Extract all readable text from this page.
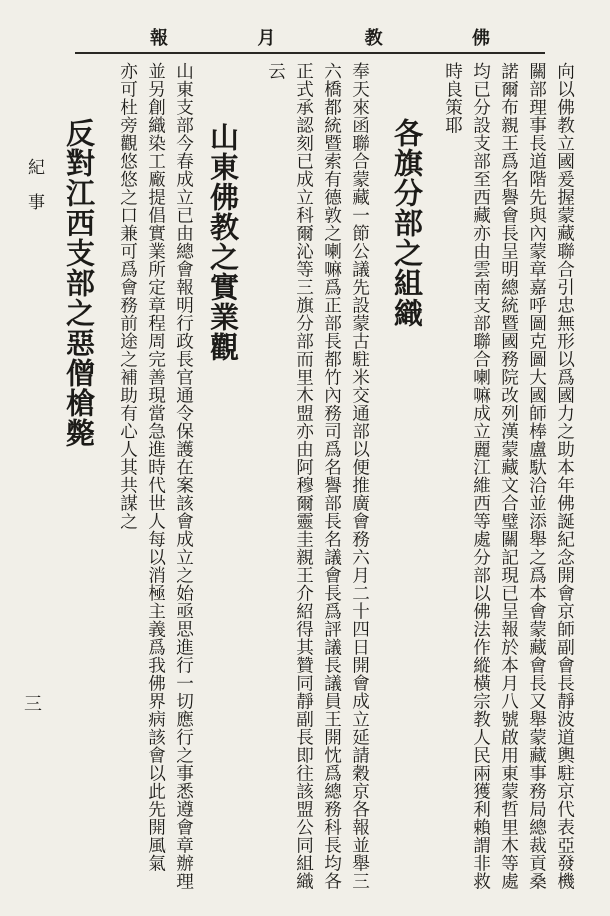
佛
教
月
報
向以佛教立國爰握蒙藏聯合引忠無形以爲國力之助本年佛誕紀念開會京師副會長靜波道輿駐京代表亞發機
關部理事長道階先與內蒙章嘉呼圖克圖大國師棒盧馱洽並添舉之爲本會蒙藏會長又舉蒙藏事務局總裁貢桑
諾爾布親王爲名譽會長呈明總統暨國務院改列漢蒙藏文合璧關記現已呈報於本月八號啟用東蒙哲里木等處
均已分設支部至西藏亦由雲南支部聯合喇嘛成立麗江維西等處分部以佛法作縱橫宗教人民兩獲利賴謂非救
時良策耶
各旗分部之組織
奉天來函聯合蒙藏一節公議先設蒙古駐米交通部以便推廣會務六月二十四日開會成立延請穀京各報並舉三
六橋都統暨索有德敦之喇嘛爲正部長都竹內務司爲名譽部長名議會長爲評議長議員王開忱爲總務科長均各
正式承認刻已成立科爾沁等三旗分部而里木盟亦由阿穆爾靈圭親王介紹得其贊同靜副長即往該盟公同組織
云
山東佛教之實業觀
山東支部今春成立已由總會報明行政長官通令保護在案該會成立之始亟思進行一切應行之事悉遵會章辦理
並另創織染工廠提倡實業所定章程周完善現當急進時代世人每以消極主義爲我佛界病該會以此先開風氣
亦可杜旁觀悠悠之口兼可爲會務前途之補助有心人其共謀之
反對江西支部之惡僧槍斃
紀　事
三
